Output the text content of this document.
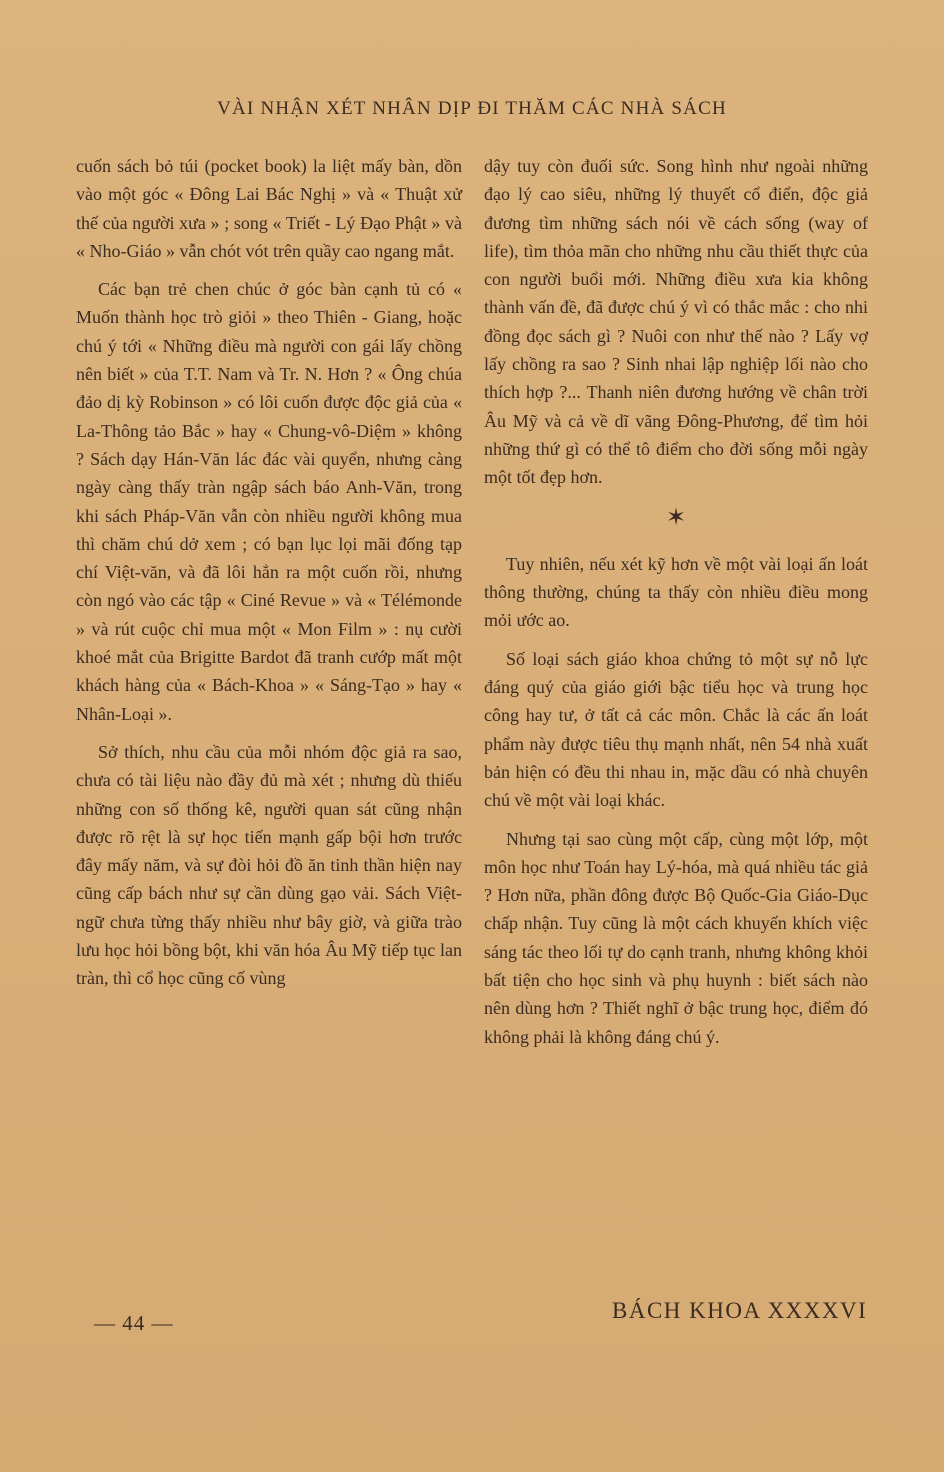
VÀI NHẬN XÉT NHÂN DỊP ĐI THĂM CÁC NHÀ SÁCH

cuốn sách bỏ túi (pocket book) la liệt mấy bàn, dồn vào một góc « Đông Lai Bác Nghị » và « Thuật xử thế của người xưa » ; song « Triết - Lý Đạo Phật » và « Nho-Giáo » vẫn chót vót trên quầy cao ngang mắt.

Các bạn trẻ chen chúc ở góc bàn cạnh tủ có « Muốn thành học trò giỏi » theo Thiên - Giang, hoặc chú ý tới « Những điều mà người con gái lấy chồng nên biết » của T.T. Nam và Tr. N. Hơn ? « Ông chúa đảo dị kỳ Robinson » có lôi cuốn được độc giả của « La-Thông tảo Bắc » hay « Chung-vô-Diệm » không ? Sách dạy Hán-Văn lác đác vài quyển, nhưng càng ngày càng thấy tràn ngập sách báo Anh-Văn, trong khi sách Pháp-Văn vẫn còn nhiều người không mua thì chăm chú dở xem ; có bạn lục lọi mãi đống tạp chí Việt-văn, và đã lôi hẳn ra một cuốn rồi, nhưng còn ngó vào các tập « Ciné Revue » và « Télémonde » và rút cuộc chỉ mua một « Mon Film » : nụ cười khoé mắt của Brigitte Bardot đã tranh cướp mất một khách hàng của « Bách-Khoa » « Sáng-Tạo » hay « Nhân-Loại ».

Sở thích, nhu cầu của mỗi nhóm độc giả ra sao, chưa có tài liệu nào đầy đủ mà xét ; nhưng dù thiếu những con số thống kê, người quan sát cũng nhận được rõ rệt là sự học tiến mạnh gấp bội hơn trước đây mấy năm, và sự đòi hỏi đồ ăn tinh thần hiện nay cũng cấp bách như sự cần dùng gạo vải. Sách Việt-ngữ chưa từng thấy nhiều như bây giờ, và giữa trào lưu học hỏi bồng bột, khi văn hóa Âu Mỹ tiếp tục lan tràn, thì cổ học cũng cố vùng

dậy tuy còn đuối sức. Song hình như ngoài những đạo lý cao siêu, những lý thuyết cổ điển, độc giả đương tìm những sách nói về cách sống (way of life), tìm thỏa mãn cho những nhu cầu thiết thực của con người buổi mới. Những điều xưa kia không thành vấn đề, đã được chú ý vì có thắc mắc : cho nhi đồng đọc sách gì ? Nuôi con như thế nào ? Lấy vợ lấy chồng ra sao ? Sinh nhai lập nghiệp lối nào cho thích hợp ?... Thanh niên đương hướng về chân trời Âu Mỹ và cả về dĩ vãng Đông-Phương, để tìm hỏi những thứ gì có thể tô điểm cho đời sống mỗi ngày một tốt đẹp hơn.

✶

Tuy nhiên, nếu xét kỹ hơn về một vài loại ấn loát thông thường, chúng ta thấy còn nhiều điều mong mỏi ước ao.

Số loại sách giáo khoa chứng tỏ một sự nỗ lực đáng quý của giáo giới bậc tiểu học và trung học công hay tư, ở tất cả các môn. Chắc là các ấn loát phẩm này được tiêu thụ mạnh nhất, nên 54 nhà xuất bản hiện có đều thi nhau in, mặc dầu có nhà chuyên chú về một vài loại khác.

Nhưng tại sao cùng một cấp, cùng một lớp, một môn học như Toán hay Lý-hóa, mà quá nhiều tác giả ? Hơn nữa, phần đông được Bộ Quốc-Gia Giáo-Dục chấp nhận. Tuy cũng là một cách khuyến khích việc sáng tác theo lối tự do cạnh tranh, nhưng không khỏi bất tiện cho học sinh và phụ huynh : biết sách nào nên dùng hơn ? Thiết nghĩ ở bậc trung học, điểm đó không phải là không đáng chú ý.

— 44 —	BÁCH KHOA XXXXVI
